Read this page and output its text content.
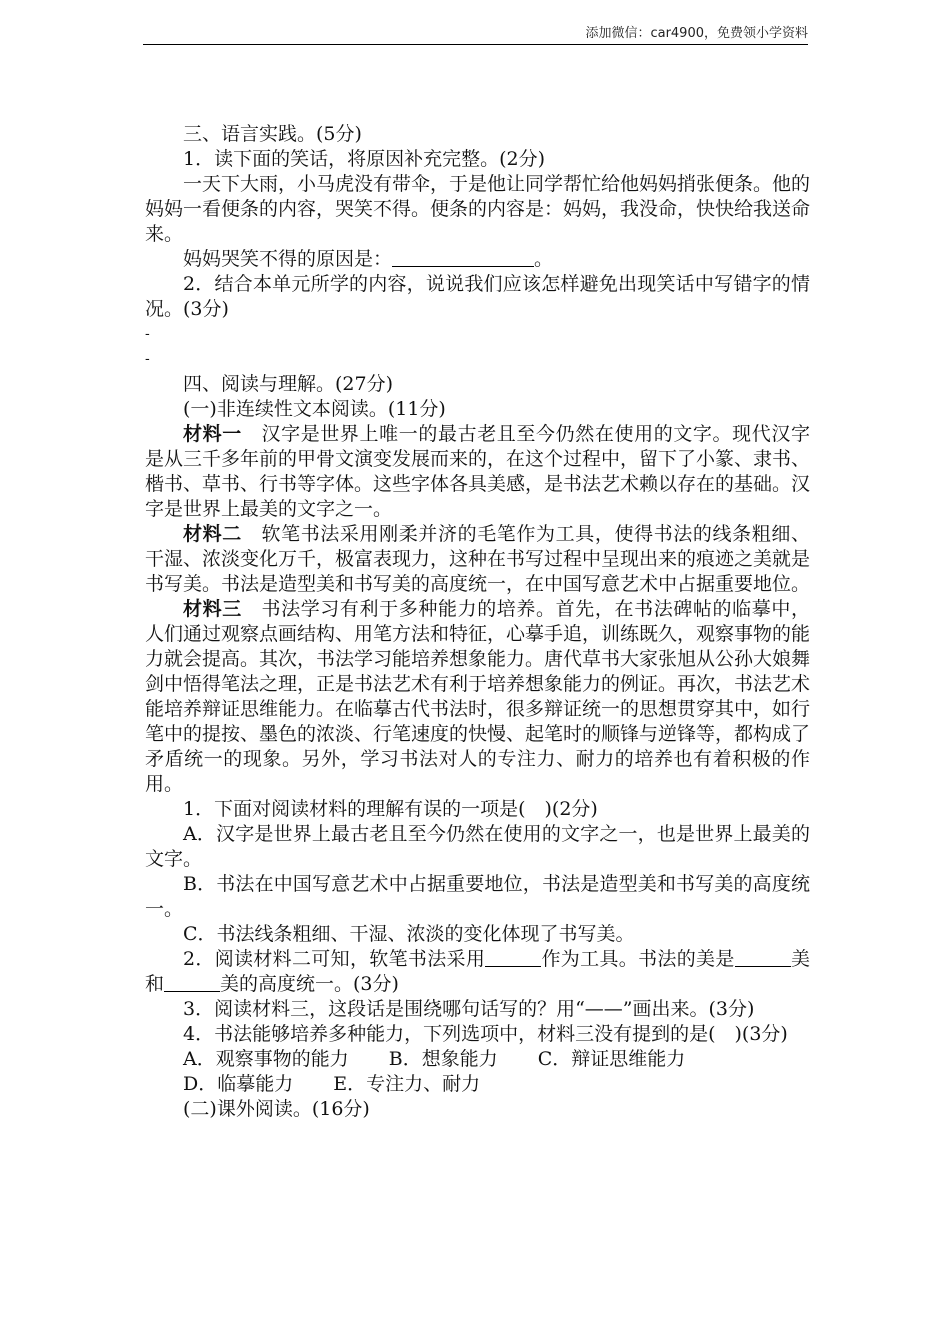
添加微信：car4900，免费领小学资料

三、语言实践。(5分)

1．读下面的笑话，将原因补充完整。(2分)

一天下大雨，小马虎没有带伞，于是他让同学帮忙给他妈妈捎张便条。他的妈妈一看便条的内容，哭笑不得。便条的内容是：妈妈，我没命，快快给我送命来。

妈妈哭笑不得的原因是：	。

2．结合本单元所学的内容，说说我们应该怎样避免出现笑话中写错字的情况。(3分)

-

-

四、阅读与理解。(27分)

(一)非连续性文本阅读。(11分)

材料一　 汉字是世界上唯一的最古老且至今仍然在使用的文字。现代汉字是从三千多年前的甲骨文演变发展而来的，在这个过程中，留下了小篆、隶书、楷书、草书、行书等字体。这些字体各具美感，是书法艺术赖以存在的基础。汉字是世界上最美的文字之一。

材料二　 软笔书法采用刚柔并济的毛笔作为工具，使得书法的线条粗细、干湿、浓淡变化万千，极富表现力，这种在书写过程中呈现出来的痕迹之美就是书写美。书法是造型美和书写美的高度统一，在中国写意艺术中占据重要地位。

材料三　 书法学习有利于多种能力的培养。首先，在书法碑帖的临摹中，人们通过观察点画结构、用笔方法和特征，心摹手追，训练既久，观察事物的能力就会提高。其次，书法学习能培养想象能力。唐代草书大家张旭从公孙大娘舞剑中悟得笔法之理，正是书法艺术有利于培养想象能力的例证。再次，书法艺术能培养辩证思维能力。在临摹古代书法时，很多辩证统一的思想贯穿其中，如行笔中的提按、墨色的浓淡、行笔速度的快慢、起笔时的顺锋与逆锋等，都构成了矛盾统一的现象。另外，学习书法对人的专注力、耐力的培养也有着积极的作用。

1．下面对阅读材料的理解有误的一项是(　)(2分)

A．汉字是世界上最古老且至今仍然在使用的文字之一，也是世界上最美的文字。

B．书法在中国写意艺术中占据重要地位，书法是造型美和书写美的高度统一。

C．书法线条粗细、干湿、浓淡的变化体现了书写美。

2．阅读材料二可知，软笔书法采用	作为工具。书法的美是	美和	美的高度统一。(3分)

3．阅读材料三，这段话是围绕哪句话写的？用“——”画出来。(3分)

4．书法能够培养多种能力，下列选项中，材料三没有提到的是(　)(3分)

A．观察事物的能力 B．想象能力 C．辩证思维能力

D．临摹能力 E．专注力、耐力

(二)课外阅读。(16分)
